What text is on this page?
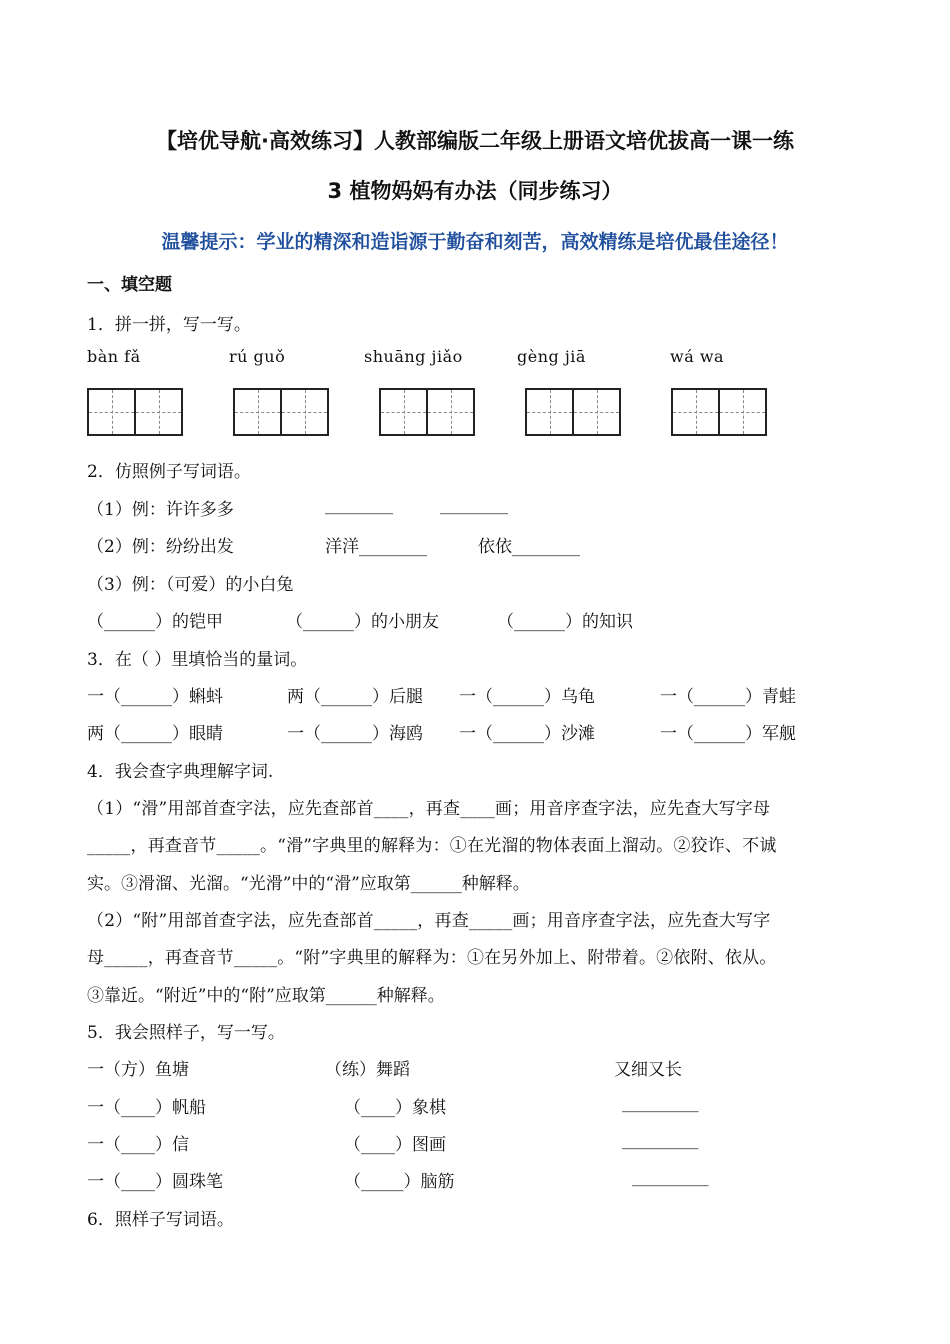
【培优导航·高效练习】人教部编版二年级上册语文培优拔高一课一练
3 植物妈妈有办法（同步练习）
温馨提示：学业的精深和造诣源于勤奋和刻苦，高效精练是培优最佳途径！
一、填空题
1．拼一拼，写一写。
bàn fǎ	rú guǒ	shuāng jiǎo	gèng jiā	wá wa
2．仿照例子写词语。
（1）例：许许多多	________	________
（2）例：纷纷出发	洋洋________	依依________
（3）例：（可爱）的小白兔
（______）的铠甲	（______）的小朋友	（______）的知识
3．在（ ）里填恰当的量词。
一（______）蝌蚪	两（______）后腿 一（______）乌龟	一（______）青蛙
两（______）眼睛	一（______）海鸥 一（______）沙滩	一（______）军舰
4．我会查字典理解字词.
（1）“滑”用部首查字法，应先查部首____，再查____画；用音序查字法，应先查大写字母
_____，再查音节_____。“滑”字典里的解释为：①在光溜的物体表面上溜动。②狡诈、不诚
实。③滑溜、光溜。“光滑”中的“滑”应取第______种解释。
（2）“附”用部首查字法，应先查部首_____，再查_____画；用音序查字法，应先查大写字
母_____，再查音节_____。“附”字典里的解释为：①在另外加上、附带着。②依附、依从。
③靠近。“附近”中的“附”应取第______种解释。
5．我会照样子，写一写。
一（方）鱼塘	（练）舞蹈	又细又长
一（____）帆船	（____）象棋	_________
一（____）信	（____）图画	_________
一（____）圆珠笔	（_____）脑筋	_________
6．照样子写词语。
